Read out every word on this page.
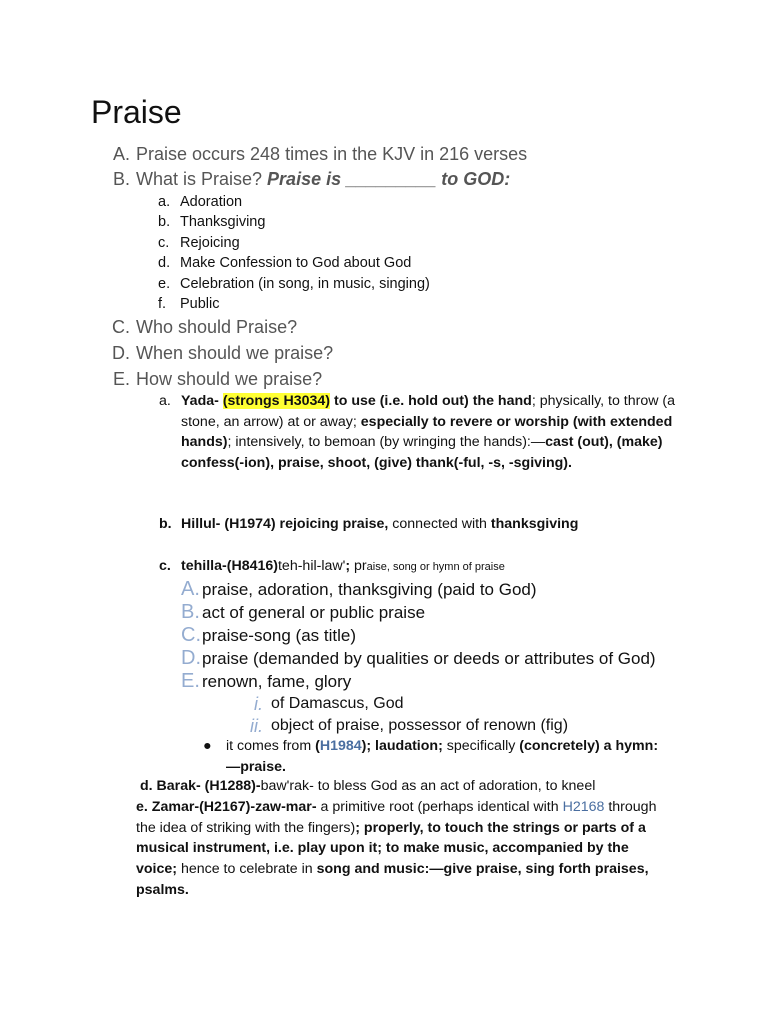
Praise
A. Praise occurs 248 times in the KJV in 216 verses
B. What is Praise? Praise is _________ to GOD:
a. Adoration
b. Thanksgiving
c. Rejoicing
d. Make Confession to God about God
e. Celebration (in song, in music, singing)
f. Public
C. Who should Praise?
D. When should we praise?
E. How should we praise?
a. Yada- (strongs H3034) to use (i.e. hold out) the hand; physically, to throw (a stone, an arrow) at or away; especially to revere or worship (with extended hands); intensively, to bemoan (by wringing the hands):—cast (out), (make) confess(-ion), praise, shoot, (give) thank(-ful, -s, -sgiving).
b. Hillul- (H1974) rejoicing praise, connected with thanksgiving
c. tehilla-(H8416)teh-hil-law'; praise, song or hymn of praise
A. praise, adoration, thanksgiving (paid to God)
B. act of general or public praise
C.praise-song (as title)
D.praise (demanded by qualities or deeds or attributes of God)
E. renown, fame, glory
i. of Damascus, God
ii. object of praise, possessor of renown (fig)
● it comes from (H1984); laudation; specifically (concretely) a hymn:—praise.
d. Barak- (H1288)-baw'rak- to bless God as an act of adoration, to kneel
e. Zamar-(H2167)-zaw-mar- a primitive root (perhaps identical with H2168 through the idea of striking with the fingers); properly, to touch the strings or parts of a musical instrument, i.e. play upon it; to make music, accompanied by the voice; hence to celebrate in song and music:—give praise, sing forth praises, psalms.
